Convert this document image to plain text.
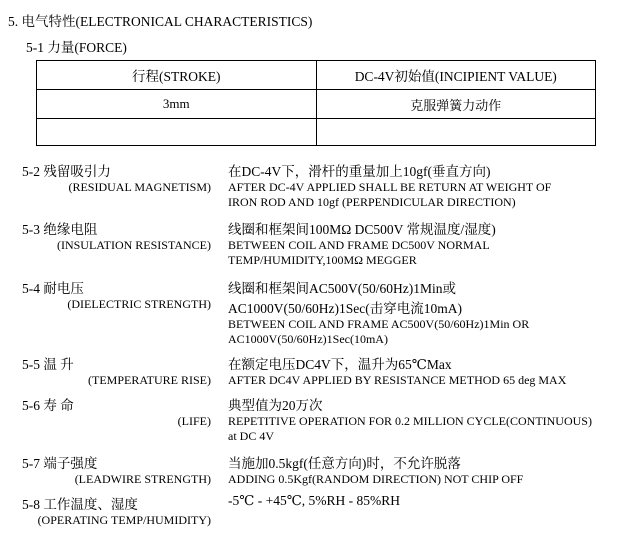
5. 电气特性(ELECTRONICAL CHARACTERISTICS)
5-1 力量(FORCE)
行程(STROKE)	DC-4V初始值(INCIPIENT VALUE)
3mm	克服弹簧力动作

5-2 残留吸引力
(RESIDUAL MAGNETISM)
在DC-4V下，滑杆的重量加上10gf(垂直方向)
AFTER DC-4V APPLIED SHALL BE RETURN AT WEIGHT OF
IRON ROD AND 10gf (PERPENDICULAR DIRECTION)
5-3 绝缘电阻
(INSULATION RESISTANCE)
线圈和框架间100MΩ DC500V 常规温度/湿度)
BETWEEN COIL AND FRAME DC500V NORMAL
TEMP/HUMIDITY,100MΩ MEGGER
5-4 耐电压
(DIELECTRIC STRENGTH)
线圈和框架间AC500V(50/60Hz)1Min或
AC1000V(50/60Hz)1Sec(击穿电流10mA)
BETWEEN COIL AND FRAME AC500V(50/60Hz)1Min OR
AC1000V(50/60Hz)1Sec(10mA)
5-5 温 升
(TEMPERATURE RISE)
在额定电压DC4V下，温升为65℃Max
AFTER DC4V APPLIED BY RESISTANCE METHOD 65 deg MAX
5-6 寿 命
(LIFE)
典型值为20万次
REPETITIVE OPERATION FOR 0.2 MILLION CYCLE(CONTINUOUS)
at DC 4V
5-7 端子强度
(LEADWIRE STRENGTH)
当施加0.5kgf(任意方向)时，不允许脱落
ADDING 0.5Kgf(RANDOM DIRECTION) NOT CHIP OFF
5-8 工作温度、湿度
(OPERATING TEMP/HUMIDITY)
-5℃ - +45℃, 5%RH - 85%RH
